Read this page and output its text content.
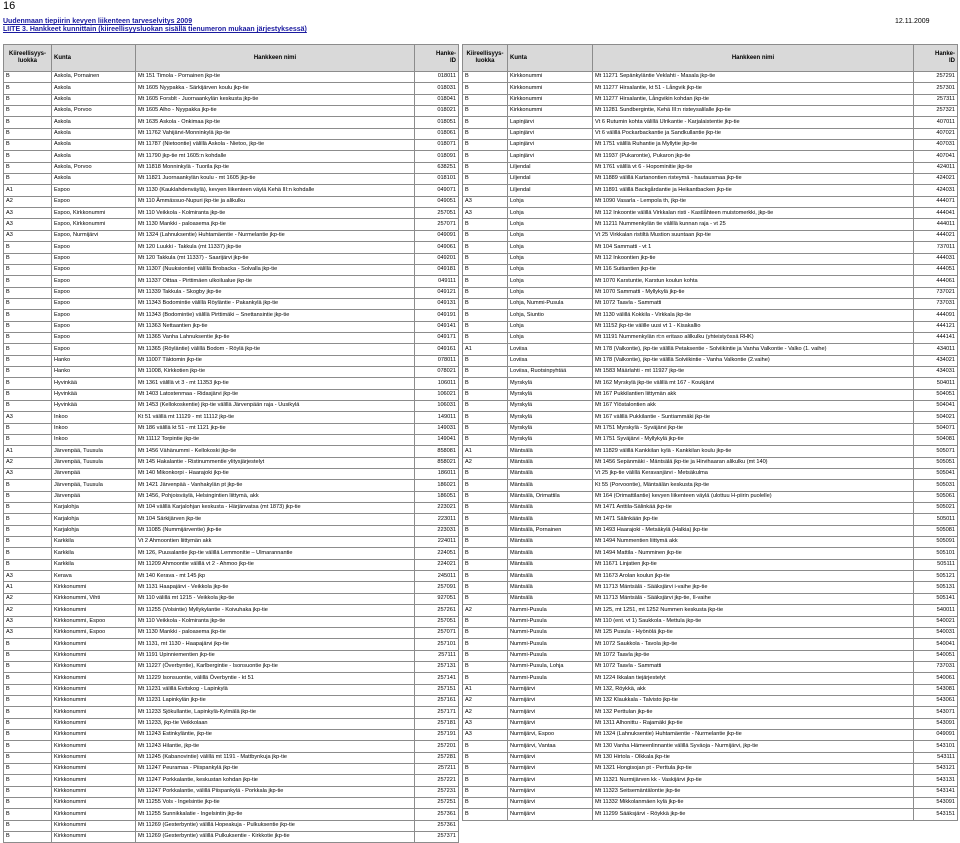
16
Uudenmaan tiepiirin kevyen liikenteen tarveselvitys 2009
LIITE 3. Hankkeet kunnittain (kiireellisyysluokan sisällä tienumeron mukaan järjestyksessä)
12.11.2009
Kiireellisyys-
luokka	Kunta	Hankkeen nimi	Hanke-
ID

B	Askola, Pornainen	Mt 151 Timola - Pornainen jkp-tie	018011
B	Askola	Mt 1605 Nyypakka - Särkijärven koulu jkp-tie	018031
B	Askola	Mt 1605 Forsblt - Juornaankylän keskusta jkp-tie	018041
B	Askola, Porvoo	Mt 1605 Alho - Nyypakka jkp-tie	018021
B	Askola	Mt 1635 Askola - Onkimaa jkp-tie	018051
B	Askola	Mt 11762 Vahijärvi-Monninkylä jkp-tie	018061
B	Askola	Mt 11787 (Nietoontie) välillä Askola - Nietoo, jkp-tie	018071
B	Askola	Mt 11790 jkp-tie mt 1605:n kohdalle	018091
B	Askola, Porvoo	Mt 11818 Monninkylä - Tuorila jkp-tie	638251
B	Askola	Mt 11821 Juornaankylän koulu - mt 1605 jkp-tie	018101
A1	Espoo	Mt 1130 (Kauklahdenväylä), kevyen liikenteen väylä Kehä III:n kohdalle	049071
A2	Espoo	Mt 110 Ämmässuo-Nupuri jkp-tie ja alikulku	049051
A3	Espoo, Kirkkonummi	Mt 110 Veikkola - Kolmiranta jkp-tie	257051
A3	Espoo, Kirkkonummi	Mt 1130 Mankki - paloasema jkp-tie	257071
A3	Espoo, Nurmijärvi	Mt 1324 (Lahnuksentie) Huhtamäentie - Nurmelantie jkp-tie	049091
B	Espoo	Mt 120 Luukki - Takkula (mt 11337) jkp-tie	049061
B	Espoo	Mt 120 Takkula (mt 11337) - Saarijärvi jkp-tie	049201
B	Espoo	Mt 11307 (Nuuksiontie) välillä Brobacka - Solvalla jkp-tie	049181
B	Espoo	Mt 11337 Oittaa - Pirttimäen ulkoilualue jkp-tie	049111
B	Espoo	Mt 11339 Takkula - Skogby jkp-tie	049121
B	Espoo	Mt 11343 Bodomintie välillä Röyläntie - Pakankylä jkp-tie	049131
B	Espoo	Mt 11343 (Bodomintie) välillä Pirttimäki – Snettansintie jkp-tie	049191
B	Espoo	Mt 11363 Nettaantien jkp-tie	049141
B	Espoo	Mt 11365 Vanha Lahnuksentie jkp-tie	049171
B	Espoo	Mt 11365 (Röyläntie) välillä Bodom - Röylä jkp-tie	049161
B	Hanko	Mt 11007 Täktomin jkp-tie	078011
B	Hanko	Mt 11008, Kirkkotien jkp-tie	078021
B	Hyvinkää	Mt 1361 välillä vt 3 - mt 11353 jkp-tie	106011
B	Hyvinkää	Mt 1403 Latostenmaa - Ridasjärvi jkp-tie	106021
B	Hyvinkää	Mt 1453 (Kellokoskentie) jkp-tie välillä Järvenpään raja - Uusikylä	106031
A3	Inkoo	Kt 51 välillä mt 11129 - mt 11112 jkp-tie	149011
B	Inkoo	Mt 186 välillä kt 51 - mt 1121 jkp-tie	149031
B	Inkoo	Mt 11112 Torpintie jkp-tie	149041
A1	Järvenpää, Tuusula	Mt 1456 Vähänummi - Kellokoski jkp-tie	858081
A2	Järvenpää, Tuusula	Mt 145 Hakalantie - Ristinummentie ylitysjärjestelyt	858021
A3	Järvenpää	Mt 140 Mikonkorpi - Haarajoki jkp-tie	186011
B	Järvenpää, Tuusula	Mt 1421 Järvenpää - Vanhakylän pt jkp-tie	186021
B	Järvenpää	Mt 1456, Pohjoisväylä, Helsingintien liittymä, akk	186051
B	Karjalohja	Mt 104 välillä Karjalohjan keskusta - Härjänvatsa (mt 1873) jkp-tie	223021
B	Karjalohja	Mt 104 Särkijärven jkp-tie	223011
B	Karjalohja	Mt 11085 (Nummijärventie) jkp-tie	223031
B	Karkkila	Vt 2 Ahmoontien liittymän akk	224011
B	Karkkila	Mt 126, Puusalantie jkp-tie välillä Lemmonitie – Ulmarannantie	224051
B	Karkkila	Mt 11209 Ahmoontie välillä vt 2 - Ahmoo jkp-tie	224021
A3	Kerava	Mt 140 Kerava - mt 145 jkp	245011
A1	Kirkkonummi	Mt 1131 Haapajärvi - Veikkola jkp-tie	257091
A2	Kirkkonummi, Vihti	Mt 110 välillä mt 1215 - Veikkola jkp-tie	927051
A2	Kirkkonummi	Mt 11255 (Volsintie) Myllykylantie - Koivuhaka jkp-tie	257261
A3	Kirkkonummi, Espoo	Mt 110 Veikkola - Kolmiranta jkp-tie	257051
A3	Kirkkonummi, Espoo	Mt 1130 Mankki - paloasema jkp-tie	257071
B	Kirkkonummi	Mt 1131, mt 1130 - Haapajärvi jkp-tie	257101
B	Kirkkonummi	Mt 1191 Upinniementien jkp-tie	257111
B	Kirkkonummi	Mt 11227 (Överbyntie), Karlbergintie - Isonsuontie jkp-tie	257131
B	Kirkkonummi	Mt 11229 Isonsuontie, välillä Överbyntie - kt 51	257141
B	Kirkkonummi	Mt 11231 välillä Evitskog - Lapinkylä	257151
B	Kirkkonummi	Mt 11231 Lapinkylän jkp-tie	257161
B	Kirkkonummi	Mt 11233 Sjökullantie, Lapinkylä-Kylmälä jkp-tie	257171
B	Kirkkonummi	Mt 11233, jkp-tie Veikkolaan	257181
B	Kirkkonummi	Mt 11243 Estinkyläntie, jkp-tie	257191
B	Kirkkonummi	Mt 11243 Hilantie, jkp-tie	257201
B	Kirkkonummi	Mt 11245 (Kabanovintie) välillä mt 1191 - Mattbynkuja jkp-tie	257281
B	Kirkkonummi	Mt 11247 Peuramaa - Piispankylä jkp-tie	257211
B	Kirkkonummi	Mt 11247 Porkkalantie, keskustan kohdan jkp-tie	257221
B	Kirkkonummi	Mt 11247 Porkkalantie, välillä Piispankylä - Porkkala jkp-tie	257231
B	Kirkkonummi	Mt 11255 Vols - Ingelsintie jkp-tie	257251
B	Kirkkonummi	Mt 11255 Sunnikkalatie - Ingelsintin jkp-tie	257361
B	Kirkkonummi	Mt 11269 (Gesterbyntie) välillä Hopeakuja - Pulkuksentie jkp-tie	257361
B	Kirkkonummi	Mt 11269 (Gesterbyntie) välillä Pulkuksentie - Kirkkotie jkp-tie	257371
Kiireellisyys-
luokka	Kunta	Hankkeen nimi	Hanke-
ID

B	Kirkkonummi	Mt 11271 Sepänkyläntie Veklahti - Masala jkp-tie	257291
B	Kirkkonummi	Mt 11277 Hirsalantie, kt 51 - Långvik jkp-tie	257301
B	Kirkkonummi	Mt 11277 Hirsalantie, Långvikin kohdan jkp-tie	257311
B	Kirkkonummi	Mt 11281 Sundbergintie, Kehä III:n risteysalilalle jkp-tie	257321
B	Lapinjärvi	Vt 6 Rutumin kohta välillä Ulrikantie - Karjalaistentie jkp-tie	407011
B	Lapinjärvi	Vt 6 välillä Pockarbackantie ja Sandkullantie jkp-tie	407021
B	Lapinjärvi	Mt 1751 välillä Ruhantie ja Myllytie jkp-tie	407031
B	Lapinjärvi	Mt 11937 (Pukarontie), Pukaron jkp-tie	407041
B	Liljendal	Mt 1761 välillä vt 6 - Hopominitie jkp-tie	424011
B	Liljendal	Mt 11889 välillä Kartanontien risteymä - hautausmaa jkp-tie	424021
B	Liljendal	Mt 11891 välillä Backgårdantie ja Heikantbacken jkp-tie	424031
A3	Lohja	Mt 1090 Vasarla - Lempola th, jkp-tie	444071
A3	Lohja	Mt 112 Inkoontie välillä Virkkalan risti - Kastlåhteen muistomerkki, jkp-tie	444041
B	Lohja	Mt 11211 Nummenkylän tie välillä kunnan raja - vt 25	444011
B	Lohja	Vt 25 Virkkalan ristiltä Mustion suuntaan jkp-tie	444021
B	Lohja	Mt 104 Sammatti - vt 1	737011
B	Lohja	Mt 112 Inkoontien jkp-tie	444031
B	Lohja	Mt 116 Suitiantien jkp-tie	444051
B	Lohja	Mt 1070 Karstuntie, Karstun koulun kohta	444061
B	Lohja	Mt 1070 Sammatti - Myllykylä jkp-tie	737021
B	Lohja, Nummi-Pusula	Mt 1072 Taavla - Sammatti	737031
B	Lohja, Siuntio	Mt 1130 välillä Kokkila - Virkkala jkp-tie	444091
B	Lohja	Mt 11152 jkp-tie välille uusi vt 1 - Kisakallio	444121
B	Lohja	Mt 11191 Nummenkylän rt:n eritaso alilkulku (yhteistyössä RHK)	444141
A1	Loviisa	Mt 178 (Valkontie), jkp-tie välillä Petaksentie - Solviikintie ja Vanha Valkontie - Valko (1. vaihe)	434011
B	Loviisa	Mt 178 (Valkontie), jkp-tie välillä Solviikintie - Vanha Valkontie (2.vaihe)	434021
B	Loviisa, Ruotsinpyhtää	Mt 1583 Määrlahti - mt 11927 jkp-tie	434031
B	Myrskylä	Mt 162 Myrskylä jkp-tie välillä mt 167 - Koukjärvi	504011
B	Myrskylä	Mt 167 Pukkilantien liittymän akk	504051
B	Myrskylä	Mt 167 Ylöstalontien akk	504041
B	Myrskylä	Mt 167 välillä Pukkilantie - Suntiammäki jkp-tie	504021
B	Myrskylä	Mt 1751 Myrskylä - Syväjärvi jkp-tie	504071
B	Myrskylä	Mt 1751 Syväjärvi - Myllykylä jkp-tie	504081
A1	Mäntsälä	Mt 11829 välillä Kankkilan kylä - Kankkilan koulu jkp-tie	505071
A2	Mäntsälä	Mt 1456 Sepänmäki - Mäntsälä jkp-tie ja Hirvihaaran alikulku (mt 140)	505051
B	Mäntsälä	Vt 25 jkp-tie välillä Keravanjärvi - Metsäkulma	505041
B	Mäntsälä	Kt 55 (Porvoontie), Mäntsälän keskusta jkp-tie	505031
B	Mäntsälä, Orimattila	Mt 164 (Orimattilantie) kevyen liikenteen väylä (ulottuu H-piirin puolelle)	505061
B	Mäntsälä	Mt 1471 Anttila-Sälinkää jkp-tie	505021
B	Mäntsälä	Mt 1471 Sälinkään jkp-tie	505011
B	Mäntsälä, Pornainen	Mt 1493 Haarajoki - Metsäkylä (Halkia) jkp-tie	505081
B	Mäntsälä	Mt 1494 Nummentien liittymä akk	505091
B	Mäntsälä	Mt 1494 Mattila - Numminen jkp-tie	505101
B	Mäntsälä	Mt 11671 Linjatien jkp-tie	505111
B	Mäntsälä	Mt 11673 Arolan koulun jkp-tie	505121
B	Mäntsälä	Mt 11713 Mäntsälä - Sääksjärvi i-vaihe jkp-tie	505131
B	Mäntsälä	Mt 11713 Mäntsälä - Sääksjärvi jkp-tie, II-vaihe	505141
A2	Nummi-Pusula	Mt 125, mt 1251, mt 1252 Nummen keskusta jkp-tie	540011
B	Nummi-Pusula	Mt 110 (ent. vt 1) Saukkola - Mettula jkp-tie	540021
B	Nummi-Pusula	Mt 125 Pusula - Hyönölä jkp-tie	540031
B	Nummi-Pusula	Mt 1072 Saukkola - Tavola jkp-tie	540041
B	Nummi-Pusula	Mt 1072 Taavla jkp-tie	540051
B	Nummi-Pusula, Lohja	Mt 1072 Taavla - Sammatti	737031
B	Nummi-Pusula	Mt 1224 Ikkalan tiejärjestelyt	540061
A1	Nurmijärvi	Mt 132, Röykkä, akk	543081
A2	Nurmijärvi	Mt 132 Klaukkala - Talvisto jkp-tie	543061
A2	Nurmijärvi	Mt 132 Perttulan jkp-tie	543071
A3	Nurmijärvi	Mt 1311 Alhonittu - Rajamäki jkp-tie	543091
A3	Nurmijärvi, Espoo	Mt 1324 (Lahnuksentie) Huhtamäentie - Nurmelantie jkp-tie	049091
B	Nurmijärvi, Vantaa	Mt 130 Vanha Hämeenlinnantie välillä Syväoja - Nurmijärvi, jkp-tie	543101
B	Nurmijärvi	Mt 130 Hirtola - Olkkala jkp-tie	543111
B	Nurmijärvi	Mt 1321 Hongisojan pt - Perttula jkp-tie	543121
B	Nurmijärvi	Mt 11321 Nurmijärven kk - Vaskijärvi jkp-tie	543131
B	Nurmijärvi	Mt 11323 Seitsemäntälontie jkp-tie	543141
B	Nurmijärvi	Mt 11332 Mikkolanmäen kylä jkp-tie	543091
B	Nurmijärvi	Mt 11299 Sääksjärvi - Röykkä jkp-tie	543151
